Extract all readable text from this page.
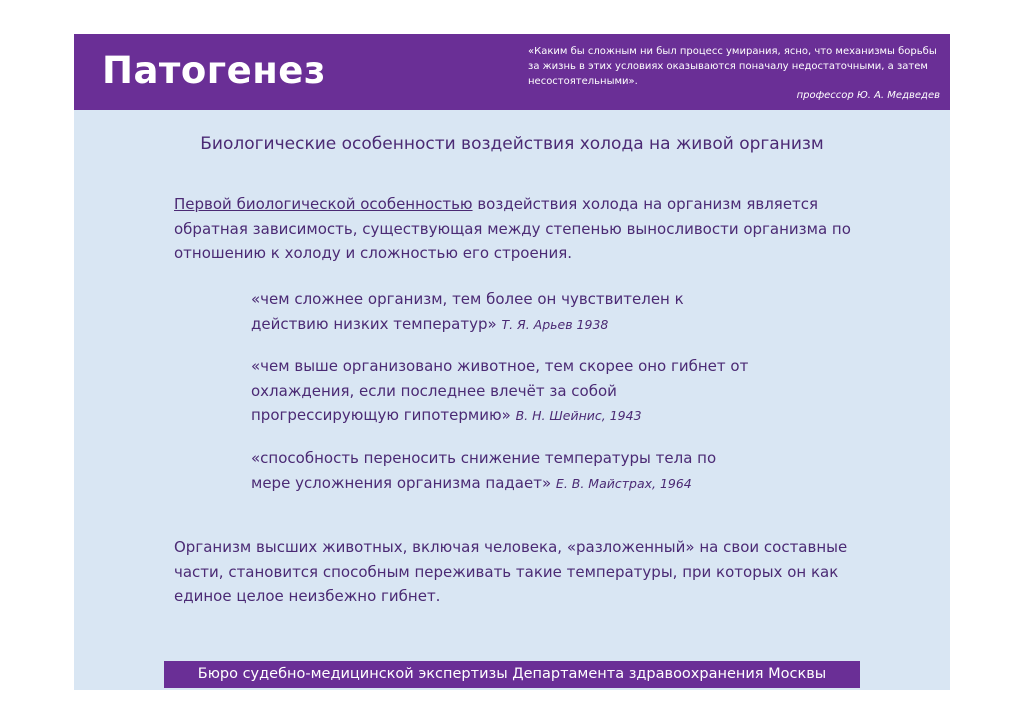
Патогенез	«Каким бы сложным ни был процесс умирания, ясно, что механизмы борьбы за жизнь в этих условиях оказываются поначалу недостаточными, а затем несостоятельными».
профессор Ю. А. Медведев
Биологические особенности воздействия холода на живой организм
Первой биологической особенностью воздействия холода на организм является обратная зависимость, существующая между степенью выносливости организма по отношению к холоду и сложностью его строения.
«чем сложнее организм, тем более он чувствителен к действию низких температур» Т. Я. Арьев 1938
«чем выше организовано животное, тем скорее оно гибнет от охлаждения, если последнее влечёт за собой прогрессирующую гипотермию» В. Н. Шейнис, 1943
«способность переносить снижение температуры тела по мере усложнения организма падает» Е. В. Майстрах, 1964
Организм высших животных, включая человека, «разложенный» на свои составные части, становится способным переживать такие температуры, при которых он как единое целое неизбежно гибнет.
Бюро судебно-медицинской экспертизы Департамента здравоохранения Москвы
